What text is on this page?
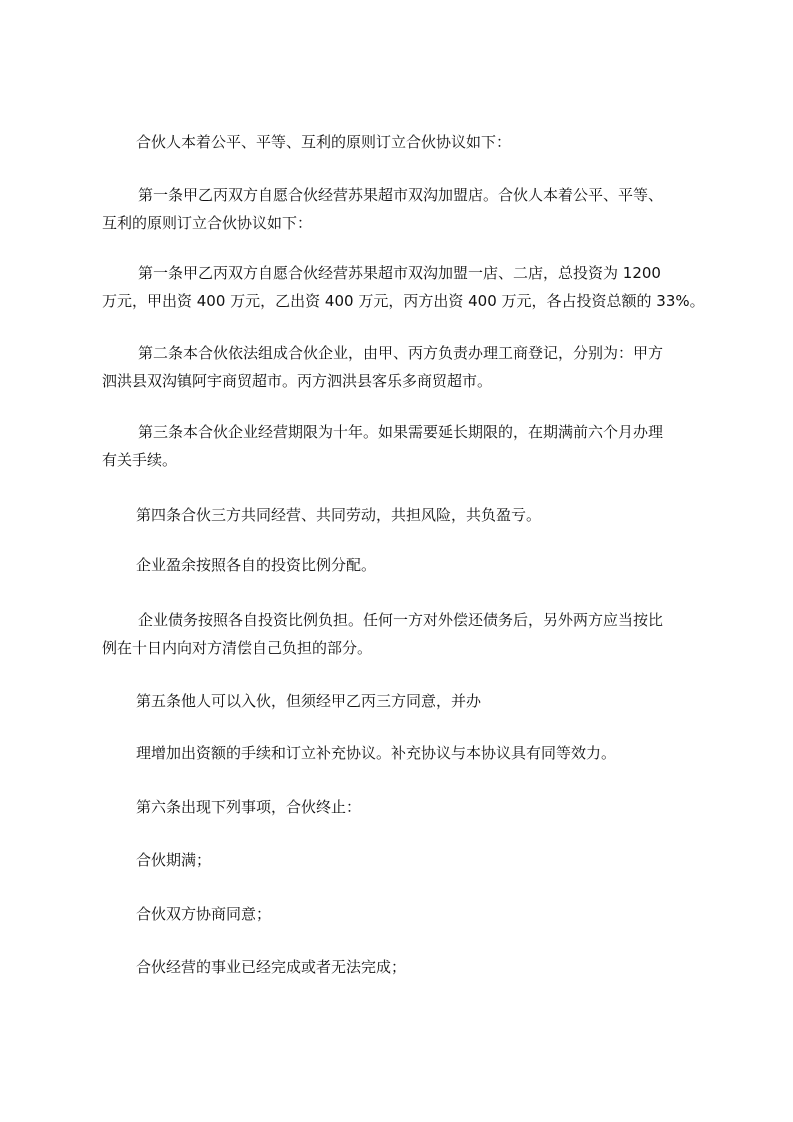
合伙人本着公平、平等、互利的原则订立合伙协议如下：

第一条甲乙丙双方自愿合伙经营苏果超市双沟加盟店。合伙人本着公平、平等、
互利的原则订立合伙协议如下：

第一条甲乙丙双方自愿合伙经营苏果超市双沟加盟一店、二店，总投资为 1200
万元，甲出资 400 万元，乙出资 400 万元，丙方出资 400 万元，各占投资总额的 33%。

第二条本合伙依法组成合伙企业，由甲、丙方负责办理工商登记，分别为：甲方
泗洪县双沟镇阿宇商贸超市。丙方泗洪县客乐多商贸超市。

第三条本合伙企业经营期限为十年。如果需要延长期限的，在期满前六个月办理
有关手续。

第四条合伙三方共同经营、共同劳动，共担风险，共负盈亏。

企业盈余按照各自的投资比例分配。

企业债务按照各自投资比例负担。任何一方对外偿还债务后，另外两方应当按比
例在十日内向对方清偿自己负担的部分。

第五条他人可以入伙，但须经甲乙丙三方同意，并办

理增加出资额的手续和订立补充协议。补充协议与本协议具有同等效力。

第六条出现下列事项，合伙终止：

合伙期满；

合伙双方协商同意；

合伙经营的事业已经完成或者无法完成；
